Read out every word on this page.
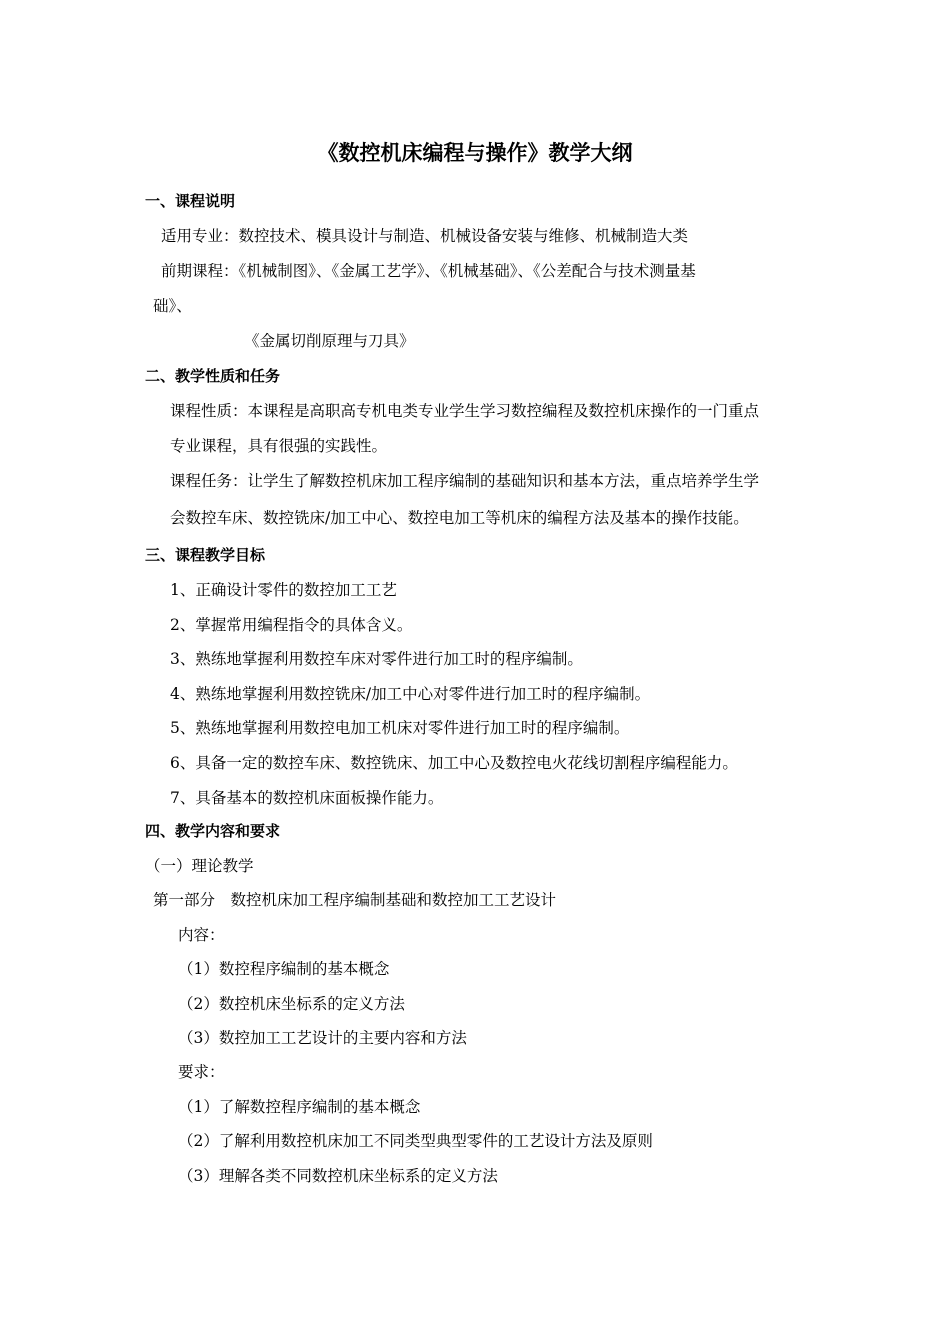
《数控机床编程与操作》教学大纲
一、课程说明
适用专业：数控技术、模具设计与制造、机械设备安装与维修、机械制造大类
前期课程：《机械制图》、《金属工艺学》、《机械基础》、《公差配合与技术测量基
础》、
《金属切削原理与刀具》
二、教学性质和任务
课程性质：本课程是高职高专机电类专业学生学习数控编程及数控机床操作的一门重点
专业课程，具有很强的实践性。
课程任务：让学生了解数控机床加工程序编制的基础知识和基本方法，重点培养学生学
会数控车床、数控铣床/加工中心、数控电加工等机床的编程方法及基本的操作技能。
三、课程教学目标
1、正确设计零件的数控加工工艺
2、掌握常用编程指令的具体含义。
3、熟练地掌握利用数控车床对零件进行加工时的程序编制。
4、熟练地掌握利用数控铣床/加工中心对零件进行加工时的程序编制。
5、熟练地掌握利用数控电加工机床对零件进行加工时的程序编制。
6、具备一定的数控车床、数控铣床、加工中心及数控电火花线切割程序编程能力。
7、具备基本的数控机床面板操作能力。
四、教学内容和要求
（一）理论教学
第一部分　数控机床加工程序编制基础和数控加工工艺设计
内容：
（1）数控程序编制的基本概念
（2）数控机床坐标系的定义方法
（3）数控加工工艺设计的主要内容和方法
要求：
（1）了解数控程序编制的基本概念
（2）了解利用数控机床加工不同类型典型零件的工艺设计方法及原则
（3）理解各类不同数控机床坐标系的定义方法
